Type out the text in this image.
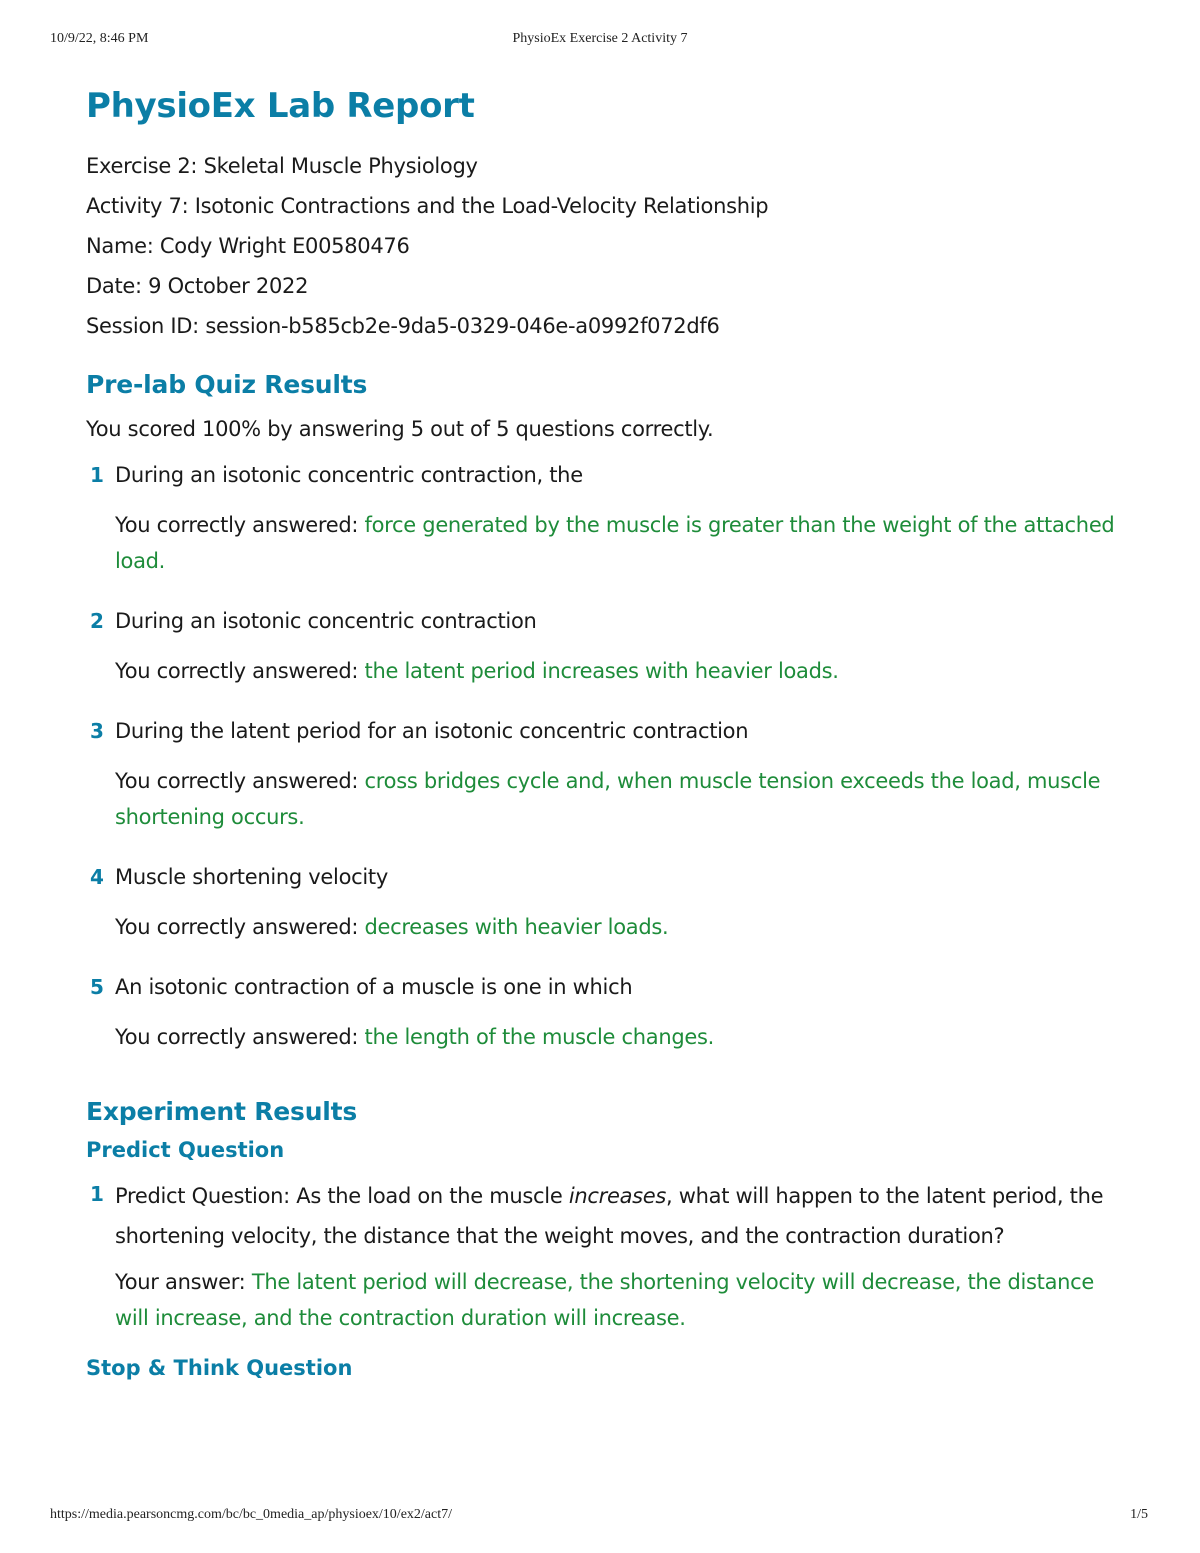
10/9/22, 8:46 PM	PhysioEx Exercise 2 Activity 7
PhysioEx Lab Report
Exercise 2: Skeletal Muscle Physiology
Activity 7: Isotonic Contractions and the Load-Velocity Relationship
Name: Cody Wright E00580476
Date: 9 October 2022
Session ID: session-b585cb2e-9da5-0329-046e-a0992f072df6
Pre-lab Quiz Results

You scored 100% by answering 5 out of 5 questions correctly.

1 During an isotonic concentric contraction, the
You correctly answered: force generated by the muscle is greater than the weight of the attached load.
2 During an isotonic concentric contraction
You correctly answered: the latent period increases with heavier loads.
3 During the latent period for an isotonic concentric contraction
You correctly answered: cross bridges cycle and, when muscle tension exceeds the load, muscle shortening occurs.
4 Muscle shortening velocity
You correctly answered: decreases with heavier loads.
5 An isotonic contraction of a muscle is one in which
You correctly answered: the length of the muscle changes.
Experiment Results
Predict Question
1 Predict Question: As the load on the muscle increases, what will happen to the latent period, the shortening velocity, the distance that the weight moves, and the contraction duration?
Your answer: The latent period will decrease, the shortening velocity will decrease, the distance will increase, and the contraction duration will increase.
Stop & Think Question
https://media.pearsoncmg.com/bc/bc_0media_ap/physioex/10/ex2/act7/	1/5
